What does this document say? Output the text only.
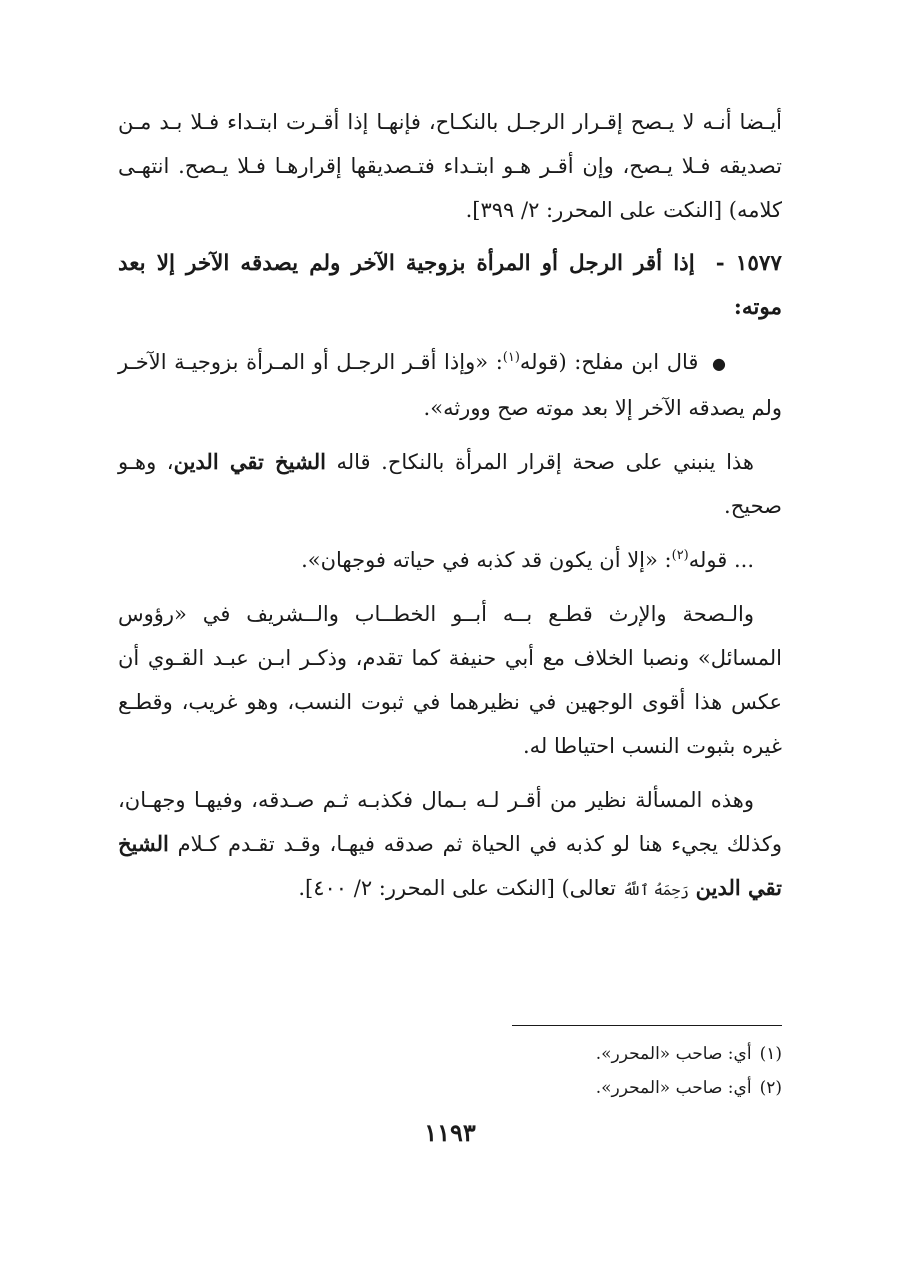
أيـضا أنـه لا يـصح إقـرار الرجـل بالنكـاح، فإنهـا إذا أقـرت ابتـداء فـلا بـد مـن تصديقه فـلا يـصح، وإن أقـر هـو ابتـداء فتـصديقها إقرارهـا فـلا يـصح. انتهـى كلامه) [النكت على المحرر: ٢/ ٣٩٩].

١٥٧٧ - إذا أقر الرجل أو المرأة بزوجية الآخر ولم يصدقه الآخر إلا بعد موته:

● قال ابن مفلح: (قوله$^{(١)}$: «وإذا أقـر الرجـل أو المـرأة بزوجيـة الآخـر ولم يصدقه الآخر إلا بعد موته صح وورثه».

هذا ينبني على صحة إقرار المرأة بالنكاح. قاله الشيخ تقي الدين، وهـو صحيح.

... قوله$^{(٢)}$: «إلا أن يكون قد كذبه في حياته فوجهان».

والـصحة والإرث قطـع بــه أبــو الخطــاب والــشريف في «رؤوس المسائل» ونصبا الخلاف مع أبي حنيفة كما تقدم، وذكـر ابـن عبـد القـوي أن عكس هذا أقوى الوجهين في نظيرهما في ثبوت النسب، وهو غريب، وقطـع غيره بثبوت النسب احتياطا له.

وهذه المسألة نظير من أقـر لـه بـمال فكذبـه ثـم صـدقه، وفيهـا وجهـان، وكذلك يجيء هنا لو كذبه في الحياة ثم صدقه فيهـا، وقـد تقـدم كـلام الشيخ تقي الدين رَحِمَهُ ٱللَّهُ تعالى) [النكت على المحرر: ٢/ ٤٠٠].

(١)أي: صاحب «المحرر».
(٢)أي: صاحب «المحرر».
١١٩٣
